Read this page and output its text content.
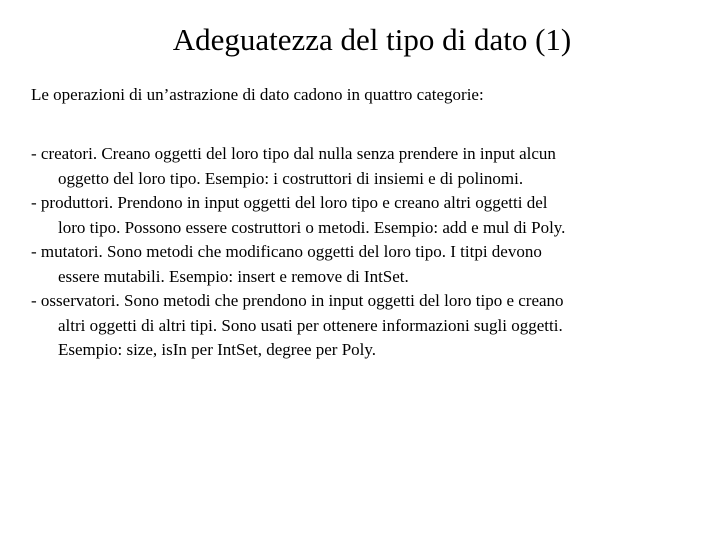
Adeguatezza del tipo di dato (1)
Le operazioni di un’astrazione di dato cadono in quattro categorie:
- creatori. Creano oggetti del loro tipo dal nulla senza prendere in input alcun
oggetto del loro tipo. Esempio: i costruttori di insiemi e di polinomi.
- produttori. Prendono in input oggetti del loro tipo e creano altri oggetti del
loro tipo. Possono essere costruttori o metodi. Esempio: add e mul di Poly.
- mutatori. Sono metodi che modificano oggetti del loro tipo. I titpi devono
essere mutabili. Esempio: insert e remove di IntSet.
- osservatori. Sono metodi che prendono in input oggetti del loro tipo e creano
altri oggetti di altri tipi. Sono usati per ottenere informazioni sugli oggetti.
Esempio: size, isIn per IntSet, degree per Poly.
